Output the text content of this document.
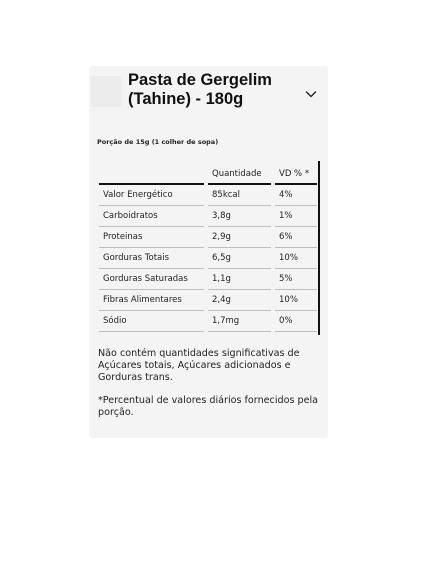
Pasta de Gergelim
(Tahine) - 180g
Porção de 15g (1 colher de sopa)
	Quantidade	VD % *
Valor Energético	85kcal	4%
Carboidratos	3,8g	1%
Proteinas	2,9g	6%
Gorduras Totais	6,5g	10%
Gorduras Saturadas	1,1g	5%
Fibras Alimentares	2,4g	10%
Sódio	1,7mg	0%
Não contém quantidades significativas de Açúcares totais, Açúcares adicionados e Gorduras trans.
*Percentual de valores diários fornecidos pela porção.
